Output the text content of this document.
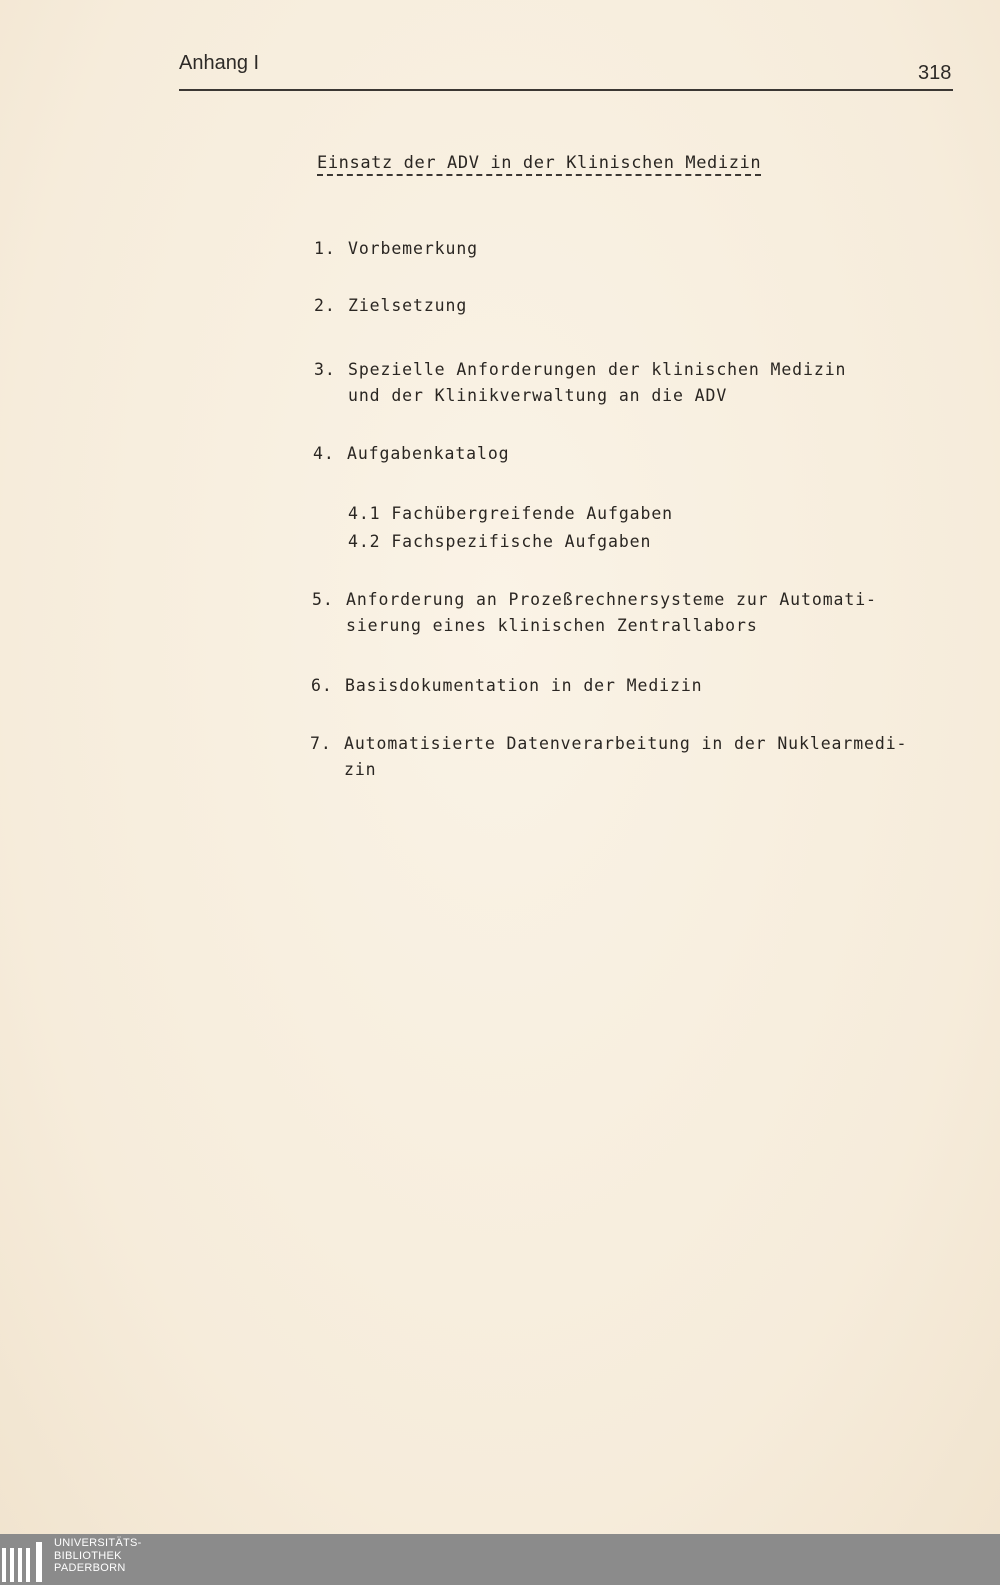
Anhang I	318
Einsatz der ADV in der Klinischen Medizin
1. Vorbemerkung
2. Zielsetzung
3. Spezielle Anforderungen der klinischen Medizin
und der Klinikverwaltung an die ADV
4. Aufgabenkatalog
4.1 Fachübergreifende Aufgaben
4.2 Fachspezifische Aufgaben
5. Anforderung an Prozeßrechnersysteme zur Automati-
sierung eines klinischen Zentrallabors
6. Basisdokumentation in der Medizin
7. Automatisierte Datenverarbeitung in der Nuklearmedi-
zin
UNIVERSITÄTS-
BIBLIOTHEK
PADERBORN
